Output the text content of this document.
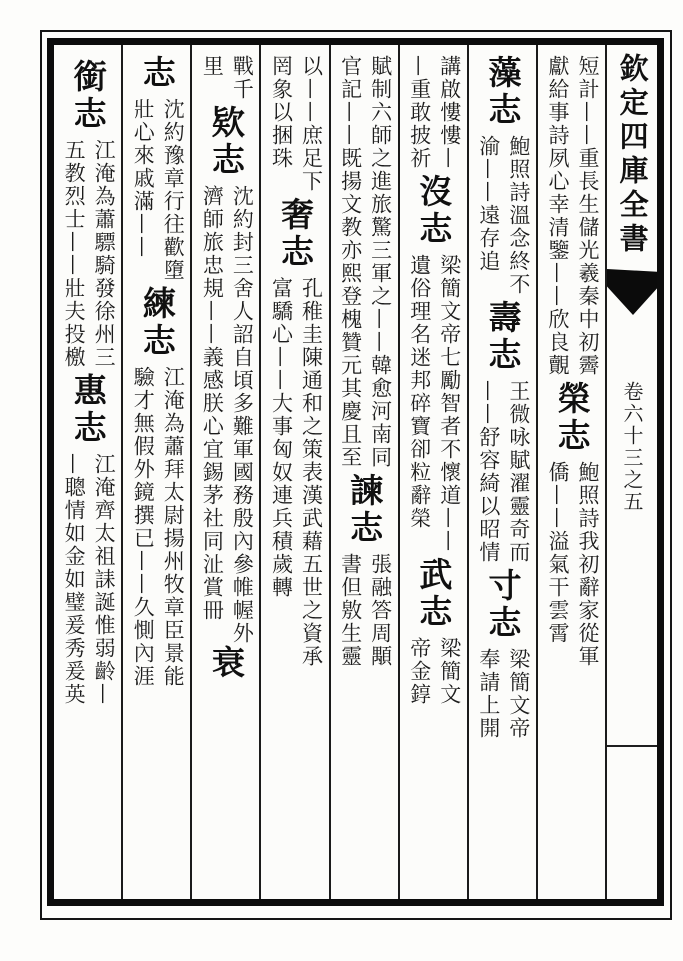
銜志
江淹為蕭驃騎發徐州三
五教烈士——壯夫投檄
惠志
江淹齊太祖誄誕惟弱齡—
—聰情如金如璧爰秀爰英
志
沈約豫章行往歡墮
壯心來戚滿——
練志
江淹為蕭拜太尉揚州牧章臣景能
驗才無假外鏡撰已——久惻內涯
戰千
里
欵志
沈約封三舍人詔自頃多難軍國務殷內參帷幄外
濟師旅忠規——義感朕心宜錫茅社同沚賞冊
衰
以——庶足下
罔象以捆珠
奢志
孔稚圭陳通和之策表漢武藉五世之資承
富驕心——大事匈奴連兵積歲轉	賦制六師之進旅驚三軍之——韓愈河南同
官記——既揚文教亦熙登槐贊元其慶且至
諫志
張融答周顒
書但敫生靈
講啟慺慺—
—重敢披祈
沒志
梁簡文帝七勵智者不懷道——
遺俗理名迷邦碎寶卻粒辭榮
武志
梁簡文
帝金錞
藻志
鮑照詩溫念終不
渝——遠存追
壽志
王微咏賦濯靈奇而
——舒容綺以昭情
寸志
梁簡文帝
奉請上開
短計——重長生儲光羲秦中初霽
獻給事詩夙心幸清鑒——欣良覿
榮志
鮑照詩我初辭家從軍
僑——溢氣干雲霄
欽定四庫全書
卷六十三之五
